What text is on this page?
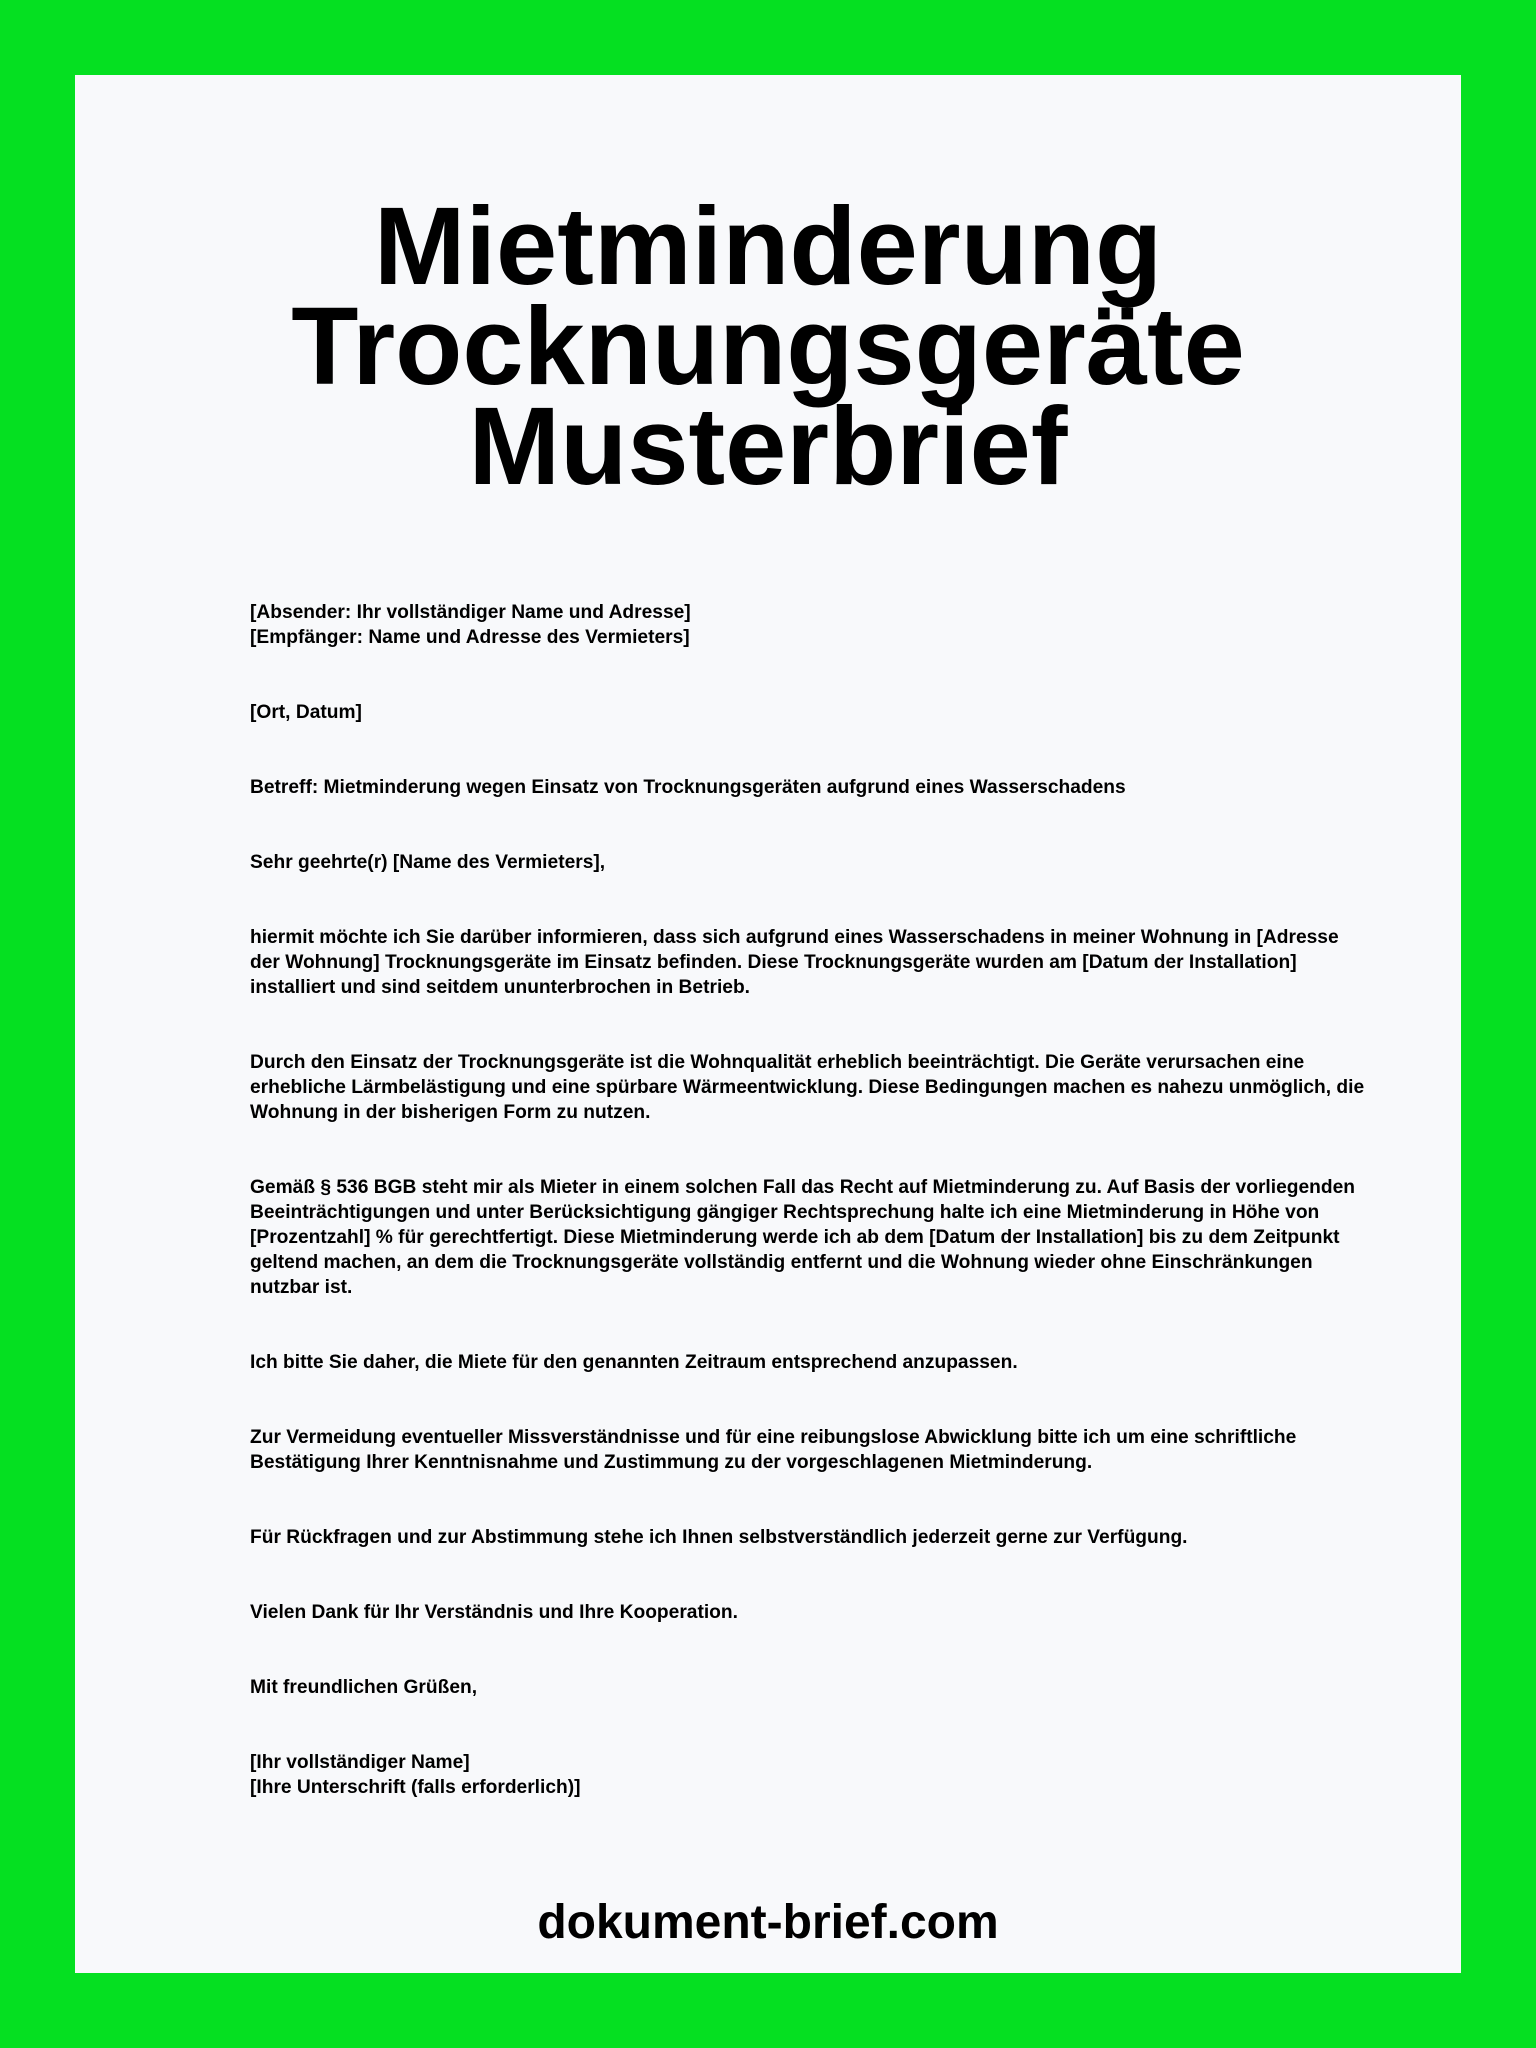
Mietminderung
Trocknungsgeräte
Musterbrief

[Absender: Ihr vollständiger Name und Adresse]
[Empfänger: Name und Adresse des Vermieters]

[Ort, Datum]

Betreff: Mietminderung wegen Einsatz von Trocknungsgeräten aufgrund eines Wasserschadens

Sehr geehrte(r) [Name des Vermieters],

hiermit möchte ich Sie darüber informieren, dass sich aufgrund eines Wasserschadens in meiner Wohnung in [Adresse der Wohnung] Trocknungsgeräte im Einsatz befinden. Diese Trocknungsgeräte wurden am [Datum der Installation] installiert und sind seitdem ununterbrochen in Betrieb.

Durch den Einsatz der Trocknungsgeräte ist die Wohnqualität erheblich beeinträchtigt. Die Geräte verursachen eine erhebliche Lärmbelästigung und eine spürbare Wärmeentwicklung. Diese Bedingungen machen es nahezu unmöglich, die Wohnung in der bisherigen Form zu nutzen.

Gemäß § 536 BGB steht mir als Mieter in einem solchen Fall das Recht auf Mietminderung zu. Auf Basis der vorliegenden Beeinträchtigungen und unter Berücksichtigung gängiger Rechtsprechung halte ich eine Mietminderung in Höhe von [Prozentzahl] % für gerechtfertigt. Diese Mietminderung werde ich ab dem [Datum der Installation] bis zu dem Zeitpunkt geltend machen, an dem die Trocknungsgeräte vollständig entfernt und die Wohnung wieder ohne Einschränkungen nutzbar ist.

Ich bitte Sie daher, die Miete für den genannten Zeitraum entsprechend anzupassen.

Zur Vermeidung eventueller Missverständnisse und für eine reibungslose Abwicklung bitte ich um eine schriftliche Bestätigung Ihrer Kenntnisnahme und Zustimmung zu der vorgeschlagenen Mietminderung.

Für Rückfragen und zur Abstimmung stehe ich Ihnen selbstverständlich jederzeit gerne zur Verfügung.

Vielen Dank für Ihr Verständnis und Ihre Kooperation.

Mit freundlichen Grüßen,

[Ihr vollständiger Name]
[Ihre Unterschrift (falls erforderlich)]

dokument-brief.com
